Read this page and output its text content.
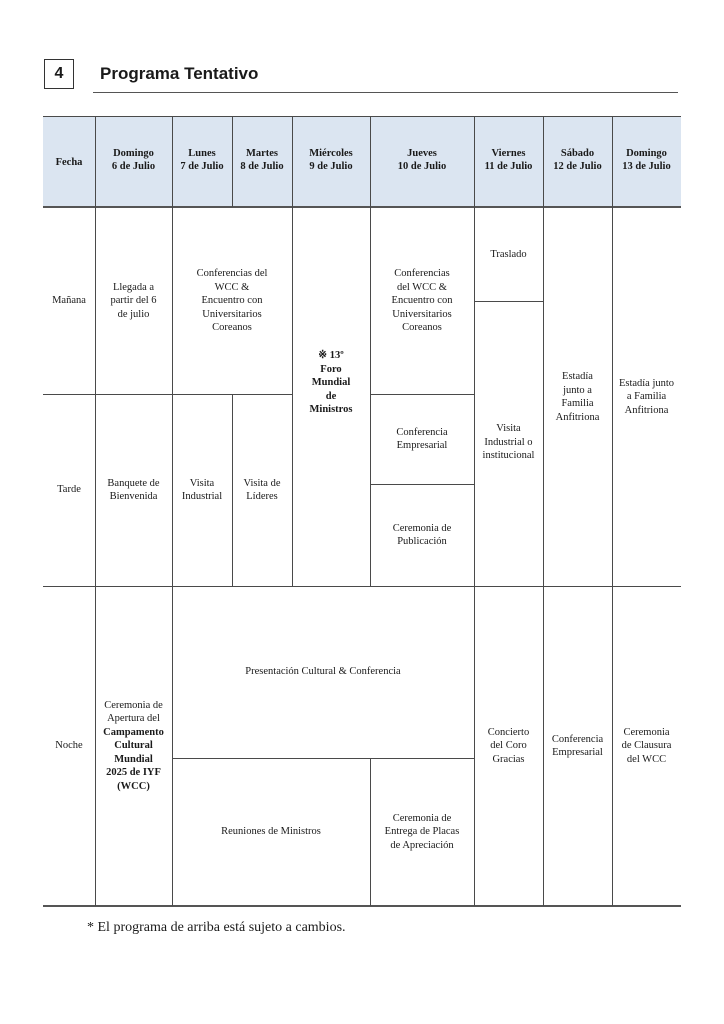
4	Programa Tentativo
Fecha
Domingo
6 de Julio
Lunes
7 de Julio
Martes
8 de Julio
Miércoles
9 de Julio
Jueves
10 de Julio
Viernes
11 de Julio
Sábado
12 de Julio
Domingo
13 de Julio
Mañana
Tarde
Noche
Llegada a
partir del 6
de julio
Conferencias del
WCC &
Encuentro con
Universitarios
Coreanos
※ 13º
Foro
Mundial
de
Ministros
Conferencias
del WCC &
Encuentro con
Universitarios
Coreanos
Traslado
Estadía
junto a
Familia
Anfitriona
Estadía junto
a Familia
Anfitriona
Banquete de
Bienvenida
Visita
Industrial
Visita de
Líderes
Conferencia
Empresarial
Ceremonia de
Publicación
Visita
Industrial o
institucional
Ceremonia de
Apertura del
Campamento
Cultural
Mundial
2025 de IYF
(WCC)
Presentación Cultural & Conferencia
Reuniones de Ministros
Ceremonia de
Entrega de Placas
de Apreciación
Concierto
del Coro
Gracias
Conferencia
Empresarial
Ceremonia
de Clausura
del WCC
* El programa de arriba está sujeto a cambios.
